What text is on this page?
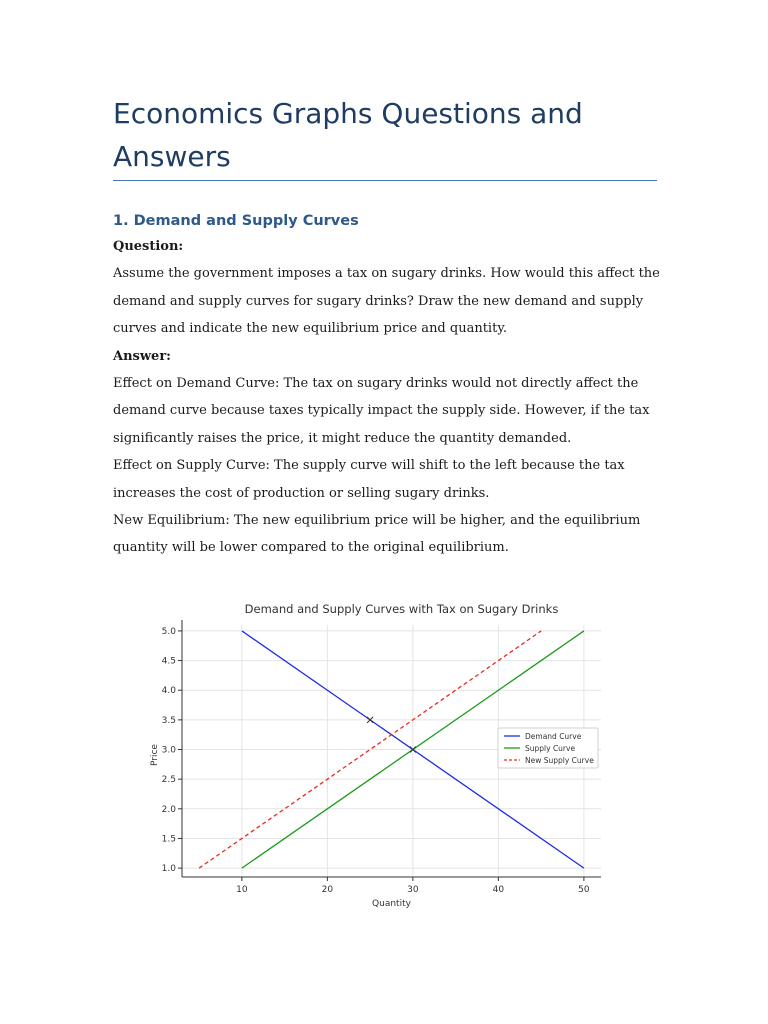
Economics Graphs Questions and Answers
1. Demand and Supply Curves

Question:

Assume the government imposes a tax on sugary drinks. How would this affect the demand and supply curves for sugary drinks? Draw the new demand and supply curves and indicate the new equilibrium price and quantity.

Answer:

Effect on Demand Curve: The tax on sugary drinks would not directly affect the demand curve because taxes typically impact the supply side. However, if the tax significantly raises the price, it might reduce the quantity demanded.

Effect on Supply Curve: The supply curve will shift to the left because the tax increases the cost of production or selling sugary drinks.

New Equilibrium: The new equilibrium price will be higher, and the equilibrium quantity will be lower compared to the original equilibrium.

10	20	30	40	50
1.0
1.5
2.0
2.5
3.0
3.5
4.0
4.5
5.0
Demand and Supply Curves with Tax on Sugary Drinks
Quantity
Price
Demand Curve
Supply Curve
New Supply Curve
